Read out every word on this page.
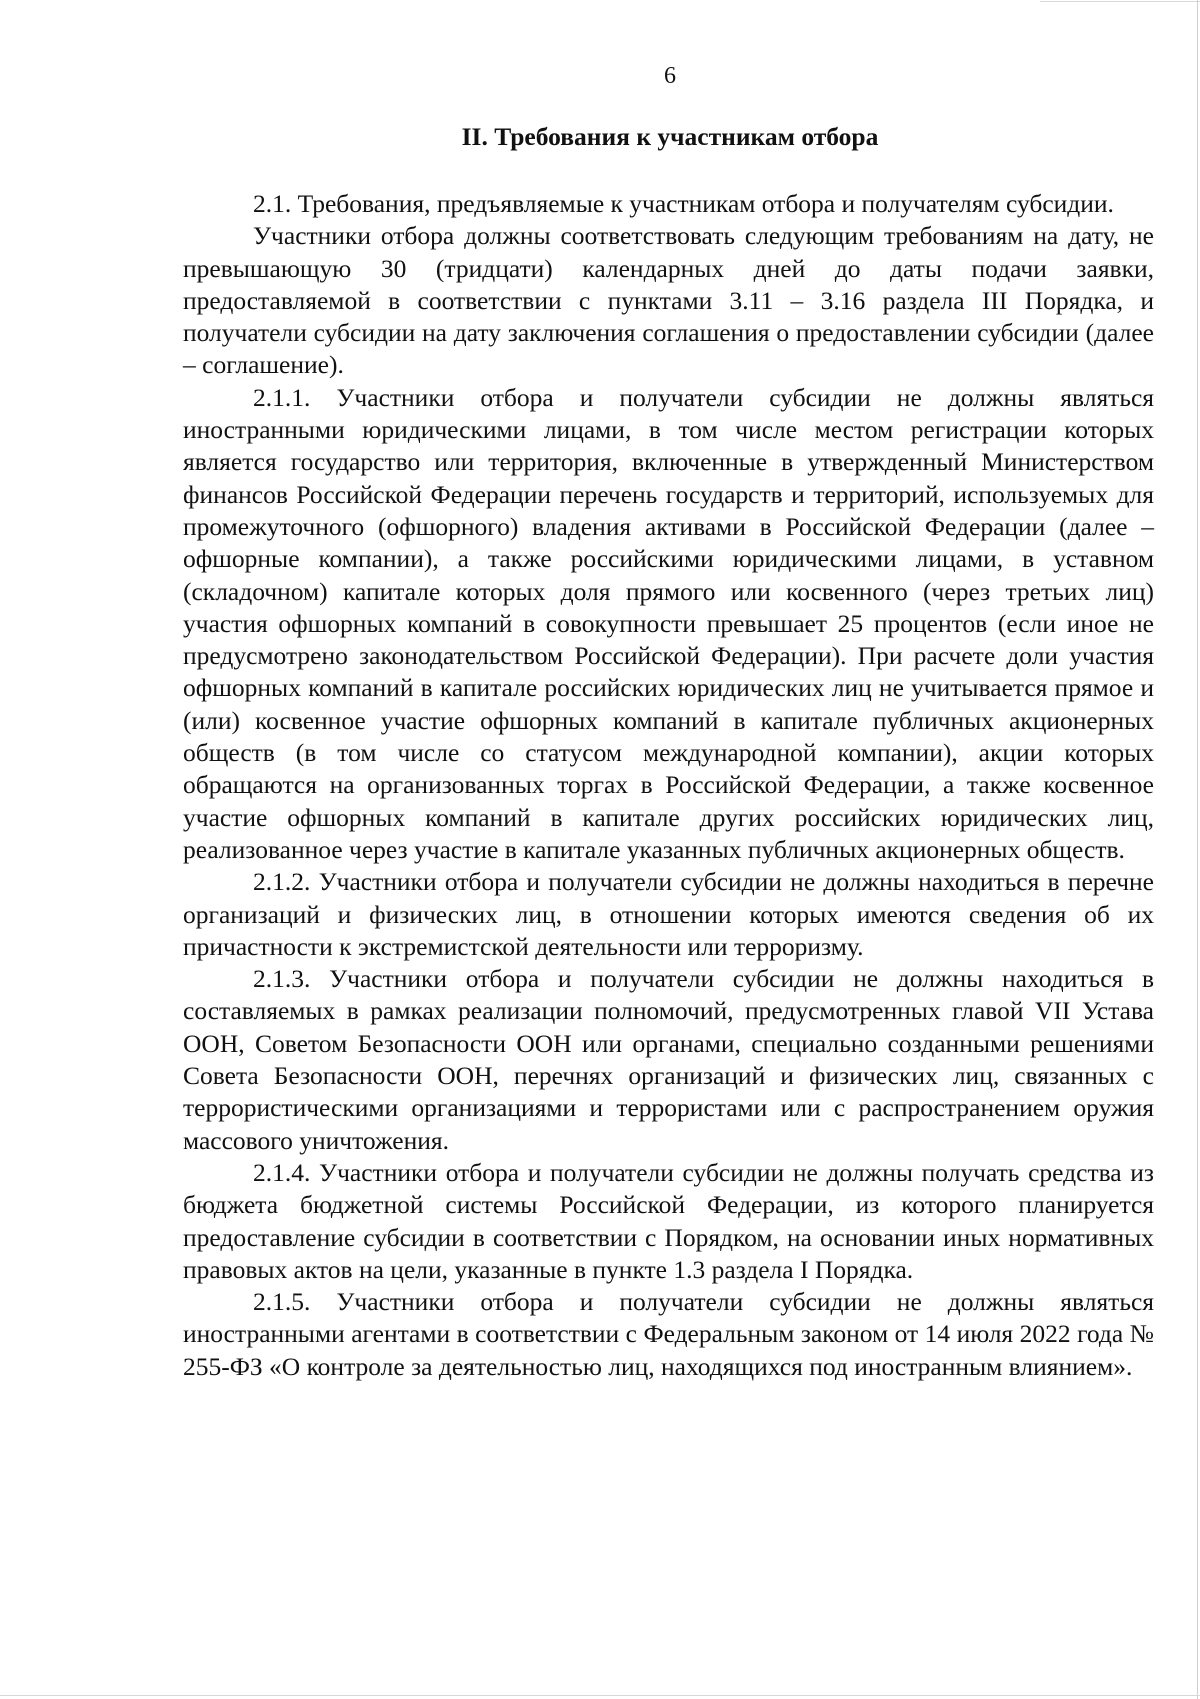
6
II. Требования к участникам отбора

2.1. Требования, предъявляемые к участникам отбора и получателям субсидии.

Участники отбора должны соответствовать следующим требованиям на дату, не превышающую 30 (тридцати) календарных дней до даты подачи заявки, предоставляемой в соответствии с пунктами 3.11 – 3.16 раздела III Порядка, и получатели субсидии на дату заключения соглашения о предоставлении субсидии (далее – соглашение).

2.1.1. Участники отбора и получатели субсидии не должны являться иностранными юридическими лицами, в том числе местом регистрации которых является государство или территория, включенные в утвержденный Министерством финансов Российской Федерации перечень государств и территорий, используемых для промежуточного (офшорного) владения активами в Российской Федерации (далее – офшорные компании), а также российскими юридическими лицами, в уставном (складочном) капитале которых доля прямого или косвенного (через третьих лиц) участия офшорных компаний в совокупности превышает 25 процентов (если иное не предусмотрено законодательством Российской Федерации). При расчете доли участия офшорных компаний в капитале российских юридических лиц не учитывается прямое и (или) косвенное участие офшорных компаний в капитале публичных акционерных обществ (в том числе со статусом международной компании), акции которых обращаются на организованных торгах в Российской Федерации, а также косвенное участие офшорных компаний в капитале других российских юридических лиц, реализованное через участие в капитале указанных публичных акционерных обществ.

2.1.2. Участники отбора и получатели субсидии не должны находиться в перечне организаций и физических лиц, в отношении которых имеются сведения об их причастности к экстремистской деятельности или терроризму.

2.1.3. Участники отбора и получатели субсидии не должны находиться в составляемых в рамках реализации полномочий, предусмотренных главой VII Устава ООН, Советом Безопасности ООН или органами, специально созданными решениями Совета Безопасности ООН, перечнях организаций и физических лиц, связанных с террористическими организациями и террористами или с распространением оружия массового уничтожения.

2.1.4. Участники отбора и получатели субсидии не должны получать средства из бюджета бюджетной системы Российской Федерации, из которого планируется предоставление субсидии в соответствии с Порядком, на основании иных нормативных правовых актов на цели, указанные в пункте 1.3 раздела I Порядка.

2.1.5. Участники отбора и получатели субсидии не должны являться иностранными агентами в соответствии с Федеральным законом от 14 июля 2022 года № 255-ФЗ «О контроле за деятельностью лиц, находящихся под иностранным влиянием».
